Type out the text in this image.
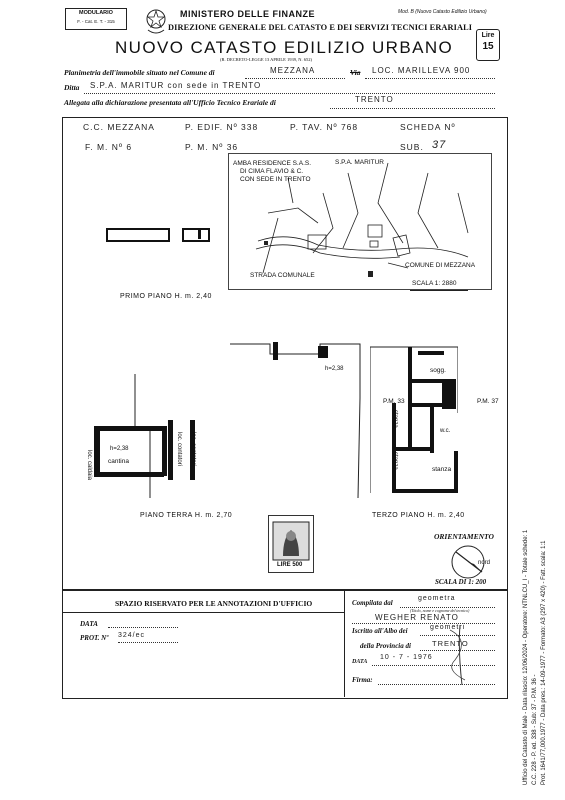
MODULARIO
F. - Cat. E. T. - 315
MINISTERO DELLE FINANZE	Mod. B (Nuovo Catasto Edilizio Urbano)
DIREZIONE GENERALE DEL CATASTO E DEI SERVIZI TECNICI ERARIALI
NUOVO CATASTO EDILIZIO URBANO
(R. DECRETO-LEGGE 13 APRILE 1939, N. 652)
Lire
15
Planimetria dell'immobile situato nel Comune di	MEZZANA	Via LOC. MARILLEVA 900
Ditta S.P.A. MARITUR con sede in TRENTO
Allegata alla dichiarazione presentata all'Ufficio Tecnico Erariale di	TRENTO
C.C. MEZZANA	P. EDIF. Nº 338	P. TAV. Nº 768	SCHEDA Nº
F. M. Nº 6	P. M. Nº 36	SUB. 37
AMBA RESIDENCE S.A.S.
DI CIMA FLAVIO & C.
CON SEDE IN TRENTO
S.P.A. MARITUR
STRADA COMUNALE
COMUNE DI MEZZANA
SCALA 1: 2880
PRIMO PIANO H. m. 2,40
cantina
h=2,38
loc. caldaia	loc. contatori loc. contatori
h=2,38
PIANO TERRA H. m. 2,70
LIRE 500
sogg.
stanza
stanza	stanza
w.c.
P.M. 33	P.M. 37
TERZO PIANO H. m. 2,40
ORIENTAMENTO
nord
SCALA DI 1: 200
SPAZIO RISERVATO PER LE ANNOTAZIONI D'UFFICIO
DATA
PROT. Nº 324/ec
Compilata dal
geometra
(Titolo, nome e cognome del tecnico)
WEGHER RENATO
Iscritto all'Albo dei	geometri
della Provincia di	TRENTO
DATA
10 - 7 - 1976
Firma:	Ufficio del Catasto di Malè - Data rilascio: 12/06/2024 - Operatore: NTNLCU_I - Totale schede: 1 C.C. 228 - P. ed. 338 - Sub: 37 - P.M. 36 - Prot. 1641/77,000.1977 - Data pres.: 14-09-1977 - Formato: A3 (297 x 420) - Fatt. scala: 1:1
